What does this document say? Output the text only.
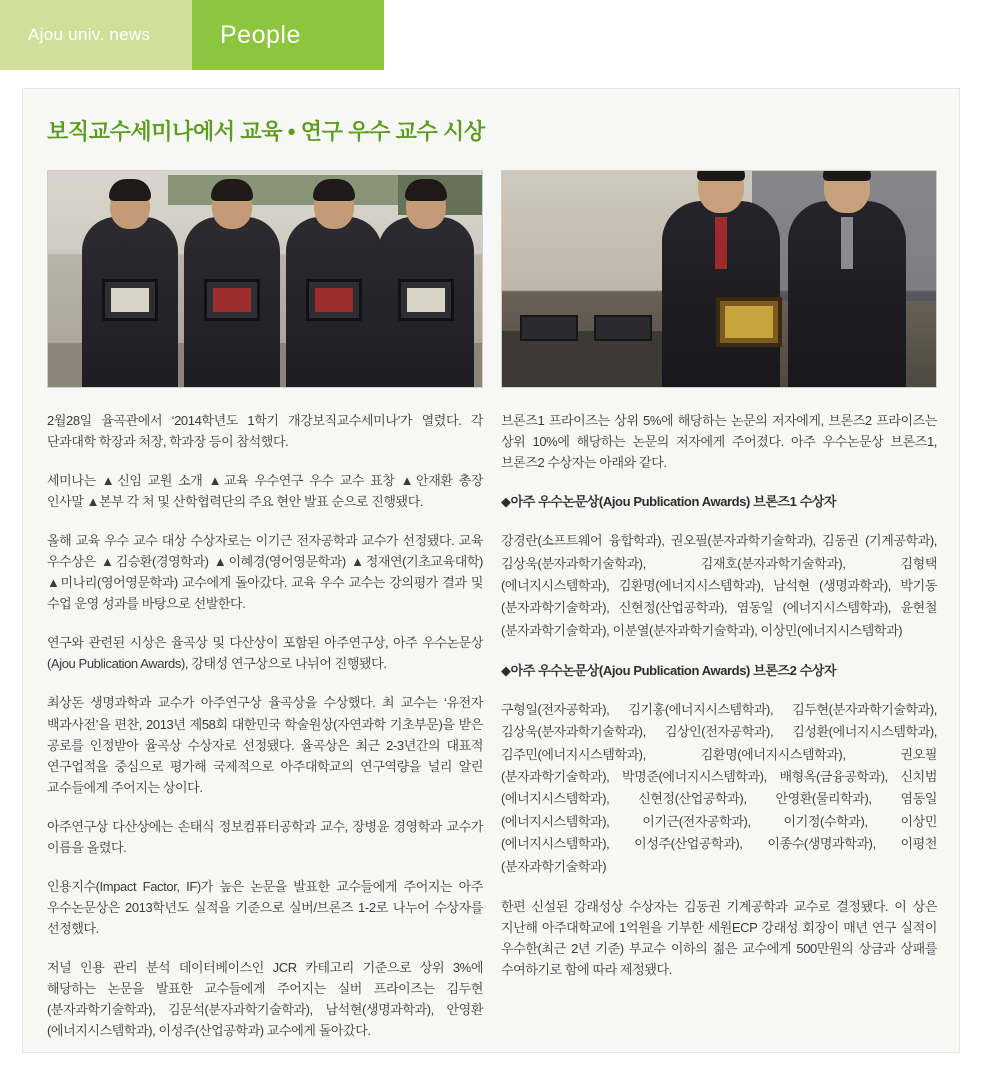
Ajou univ. news	People
보직교수세미나에서 교육 • 연구 우수 교수 시상

2월28일 율곡관에서 ‘2014학년도 1학기 개강보직교수세미나’가 열렸다. 각 단과대학 학장과 처장, 학과장 등이 참석했다.

세미나는 ▲신임 교원 소개 ▲교육 우수연구 우수 교수 표창 ▲안재환 총장 인사말 ▲본부 각 처 및 산학협력단의 주요 현안 발표 순으로 진행됐다.

올해 교육 우수 교수 대상 수상자로는 이기근 전자공학과 교수가 선정됐다. 교육 우수상은 ▲김승환(경영학과) ▲이혜경(영어영문학과) ▲정재연(기초교육대학) ▲미나리(영어영문학과) 교수에게 돌아갔다. 교육 우수 교수는 강의평가 결과 및 수업 운영 성과를 바탕으로 선발한다.

연구와 관련된 시상은 율곡상 및 다산상이 포함된 아주연구상, 아주 우수논문상(Ajou Publication Awards), 강태성 연구상으로 나뉘어 진행됐다.

최상돈 생명과학과 교수가 아주연구상 율곡상을 수상했다. 최 교수는 ‘유전자 백과사전’을 편찬, 2013년 제58회 대한민국 학술원상(자연과학 기초부문)을 받은 공로를 인정받아 율곡상 수상자로 선정됐다. 율곡상은 최근 2-3년간의 대표적 연구업적을 중심으로 평가해 국제적으로 아주대학교의 연구역량을 널리 알린 교수들에게 주어지는 상이다.

아주연구상 다산상에는 손태식 정보컴퓨터공학과 교수, 장병윤 경영학과 교수가 이름을 올렸다.

인용지수(Impact Factor, IF)가 높은 논문을 발표한 교수들에게 주어지는 아주 우수논문상은 2013학년도 실적을 기준으로 실버/브론즈 1-2로 나누어 수상자를 선정했다.

저널 인용 관리 분석 데이터베이스인 JCR 카테고리 기준으로 상위 3%에 해당하는 논문을 발표한 교수들에게 주어지는 실버 프라이즈는 김두현(분자과학기술학과), 김문석(분자과학기술학과), 남석현(생명과학과), 안영환(에너지시스템학과), 이성주(산업공학과) 교수에게 돌아갔다.

브론즈1 프라이즈는 상위 5%에 해당하는 논문의 저자에게, 브론즈2 프라이즈는 상위 10%에 해당하는 논문의 저자에게 주어졌다. 아주 우수논문상 브론즈1, 브론즈2 수상자는 아래와 같다.

◆아주 우수논문상(Ajou Publication Awards) 브론즈1 수상자

강경란(소프트웨어 융합학과), 권오필(분자과학기술학과), 김동권 (기계공학과), 김상욱(분자과학기술학과), 김재호(분자과학기술학과), 김형택(에너지시스템학과), 김환명(에너지시스템학과), 남석현 (생명과학과), 박기동 (분자과학기술학과), 신현정(산업공학과), 염동일 (에너지시스템학과), 윤현철(분자과학기술학과), 이분열(분자과학기술학과), 이상민(에너지시스템학과)

◆아주 우수논문상(Ajou Publication Awards) 브론즈2 수상자

구형일(전자공학과), 김기홍(에너지시스템학과), 김두현(분자과학기술학과), 김상욱(분자과학기술학과), 김상인(전자공학과), 김성환(에너지시스템학과), 김주민(에너지시스템학과), 김환명(에너지시스템학과), 권오필(분자과학기술학과), 박명준(에너지시스템학과), 배형옥(금융공학과), 신치범(에너지시스템학과), 신현정(산업공학과), 안영환(물리학과), 염동일(에너지시스템학과), 이기근(전자공학과), 이기정(수학과), 이상민(에너지시스템학과), 이성주(산업공학과), 이종수(생명과학과), 이평천(분자과학기술학과)

한편 신설된 강래성상 수상자는 김동권 기계공학과 교수로 결정됐다. 이 상은 지난해 아주대학교에 1억원을 기부한 세원ECP 강래성 회장이 매년 연구 실적이 우수한(최근 2년 기준) 부교수 이하의 젊은 교수에게 500만원의 상금과 상패를 수여하기로 함에 따라 제정됐다.
